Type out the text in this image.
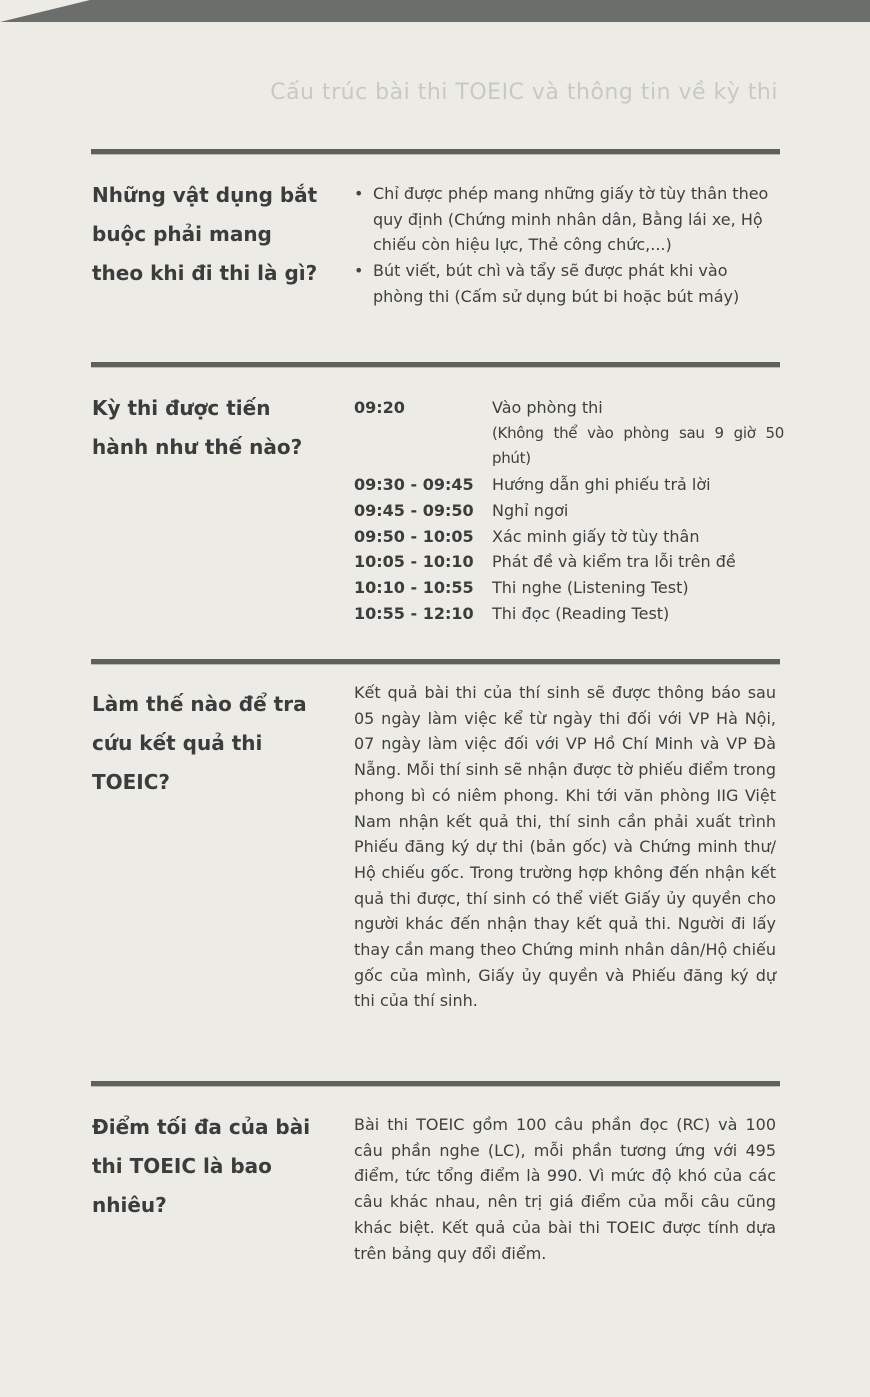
Cấu trúc bài thi TOEIC và thông tin về kỳ thi
Những vật dụng bắt buộc phải mang theo khi đi thi là gì?
• Chỉ được phép mang những giấy tờ tùy thân theo quy định (Chứng minh nhân dân, Bằng lái xe, Hộ chiếu còn hiệu lực, Thẻ công chức,...)
• Bút viết, bút chì và tẩy sẽ được phát khi vào phòng thi (Cấm sử dụng bút bi hoặc bút máy)
Kỳ thi được tiến hành như thế nào?
09:20	Vào phòng thi
(Không thể vào phòng sau 9 giờ 50 phút)

09:30 - 09:45	Hướng dẫn ghi phiếu trả lời
09:45 - 09:50	Nghỉ ngơi
09:50 - 10:05	Xác minh giấy tờ tùy thân
10:05 - 10:10	Phát đề và kiểm tra lỗi trên đề
10:10 - 10:55	Thi nghe (Listening Test)
10:55 - 12:10	Thi đọc (Reading Test)
Làm thế nào để tra cứu kết quả thi TOEIC?
Kết quả bài thi của thí sinh sẽ được thông báo sau 05 ngày làm việc kể từ ngày thi đối với VP Hà Nội, 07 ngày làm việc đối với VP Hồ Chí Minh và VP Đà Nẵng. Mỗi thí sinh sẽ nhận được tờ phiếu điểm trong phong bì có niêm phong. Khi tới văn phòng IIG Việt Nam nhận kết quả thi, thí sinh cần phải xuất trình Phiếu đăng ký dự thi (bản gốc) và Chứng minh thư/ Hộ chiếu gốc. Trong trường hợp không đến nhận kết quả thi được, thí sinh có thể viết Giấy ủy quyền cho người khác đến nhận thay kết quả thi. Người đi lấy thay cần mang theo Chứng minh nhân dân/Hộ chiếu gốc của mình, Giấy ủy quyền và Phiếu đăng ký dự thi của thí sinh.
Điểm tối đa của bài thi TOEIC là bao nhiêu?
Bài thi TOEIC gồm 100 câu phần đọc (RC) và 100 câu phần nghe (LC), mỗi phần tương ứng với 495 điểm, tức tổng điểm là 990. Vì mức độ khó của các câu khác nhau, nên trị giá điểm của mỗi câu cũng khác biệt. Kết quả của bài thi TOEIC được tính dựa trên bảng quy đổi điểm.
